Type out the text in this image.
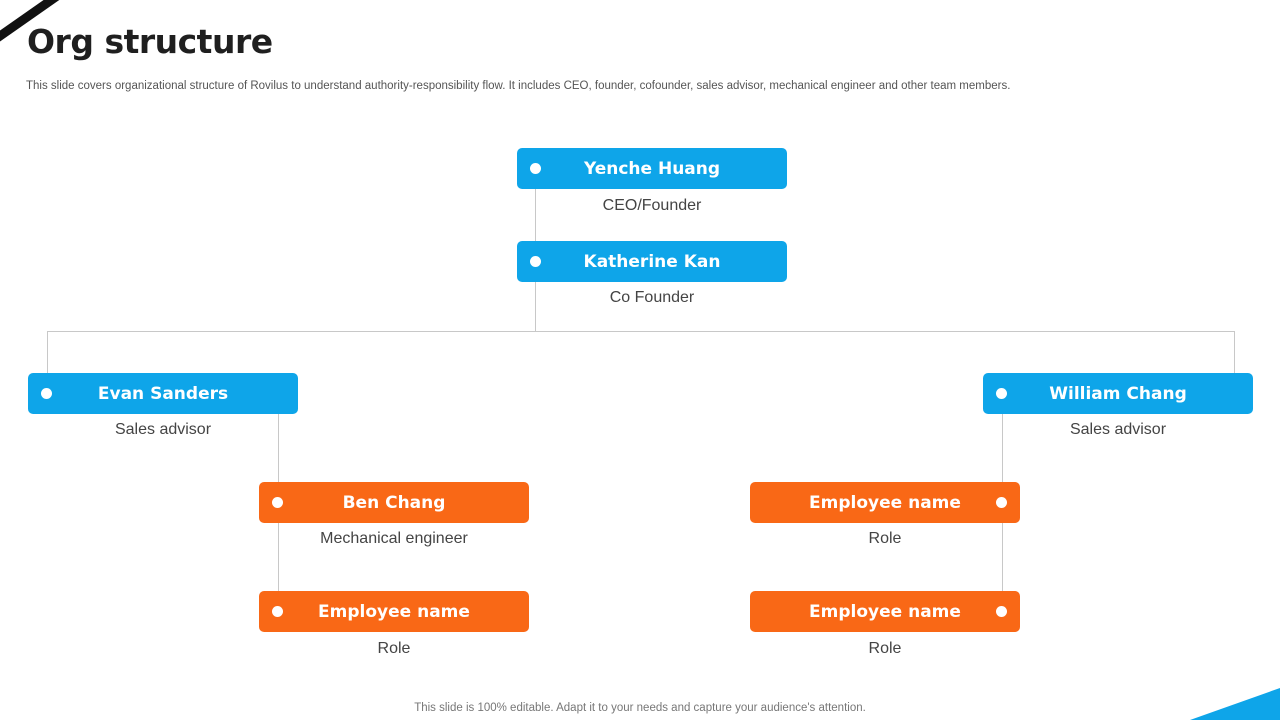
Org structure
This slide covers organizational structure of Rovilus to understand authority-responsibility flow. It includes CEO, founder, cofounder, sales advisor, mechanical engineer and other team members.
Yenche Huang
CEO/Founder
Katherine Kan
Co Founder
Evan Sanders
Sales advisor
William Chang
Sales advisor
Ben Chang
Mechanical engineer
Employee name
Role
Employee name
Role
Employee name
Role
This slide is 100% editable. Adapt it to your needs and capture your audience's attention.
